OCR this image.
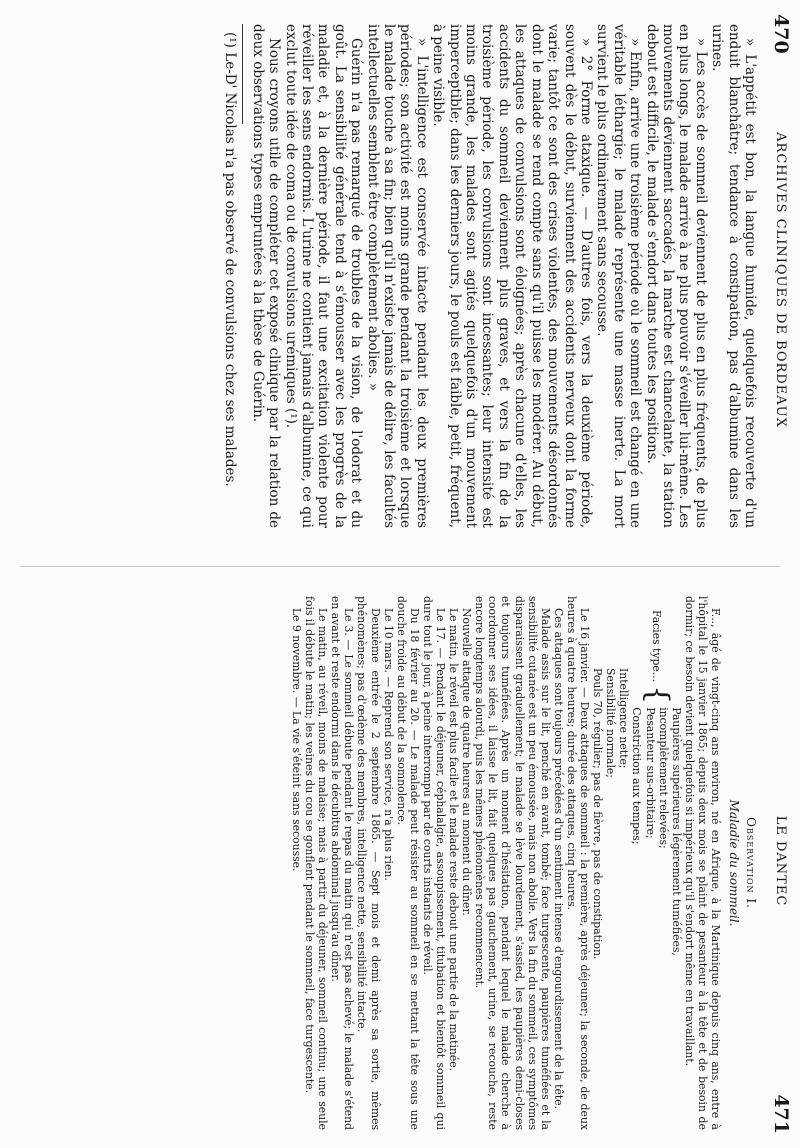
470
ARCHIVES CLINIQUES DE BORDEAUX

» L'appétit est bon, la langue humide, quelquefois recouverte d'un enduit blanchâtre; tendance à constipation, pas d'albumine dans les urines.

» Les accès de sommeil deviennent de plus en plus fréquents, de plus en plus longs, le malade arrive à ne plus pouvoir s'éveiller lui-même. Les mouvements deviennent saccadés, la marche est chancelante, la station debout est difficile, le malade s'endort dans toutes les positions.

» Enfin, arrive une troisième période où le sommeil est changé en une véritable léthargie; le malade représente une masse inerte. La mort survient le plus ordinairement sans secousse.

» 2° Forme ataxique. — D'autres fois, vers la deuxième période, souvent dès le début, surviennent des accidents nerveux dont la forme varie; tantôt ce sont des crises violentes, des mouvements désordonnés dont le malade se rend compte sans qu'il puisse les modérer. Au début, les attaques de convulsions sont éloignées; après chacune d'elles, les accidents du sommeil deviennent plus graves, et vers la fin de la troisième période, les convulsions sont incessantes; leur intensité est moins grande, les malades sont agités quelquefois d'un mouvement imperceptible; dans les derniers jours, le pouls est faible, petit, fréquent, à peine visible.

» L'intelligence est conservée intacte pendant les deux premières périodes; son activité est moins grande pendant la troisième et lorsque le malade touche à sa fin; bien qu'il n'existe jamais de délire, les facultés intellectuelles semblent être complètement abolies. »

Guérin n'a pas remarqué de troubles de la vision, de l'odorat et du goût. La sensibilité générale tend à s'émousser avec les progrès de la maladie et, à la dernière période, il faut une excitation violente pour réveiller les sens endormis. L'urine ne contient jamais d'albumine, ce qui exclut toute idée de coma ou de convulsions urémiques (¹).

Nous croyons utile de compléter cet exposé clinique par la relation de deux observations types empruntées à la thèse de Guérin.

(¹) Le-D' Nicolas n'a pas observé de convulsions chez ses malades.

LE DANTEC
471
Observation I.
Maladie du sommeil.

F..., âgé de vingt-cinq ans environ, né en Afrique, à la Martinique depuis cinq ans, entre à l'hôpital le 15 janvier 1865; depuis deux mois se plaint de pesanteur à la tête et de besoin de dormir; ce besoin devient quelquefois si impérieux qu'il s'endort même en travaillant.

Facies type...
{
Paupières supérieures légèrement tuméfiées,
incomplètement relevées;
Pesanteur sus-orbitaire;
Constriction aux tempes;
Intelligence nette;
Sensibilité normale;
Pouls 70, régulier; pas de fièvre, pas de constipation.

Le 16 janvier. — Deux attaques de sommeil : la première, après déjeuner; la seconde, de deux heures à quatre heures; durée des attaques, cinq heures.

Ces attaques sont toujours précédées d'un sentiment intense d'engourdissement de la tête.

Malade assis sur le lit, penché en avant, tombé; face turgescente, paupières tuméfiées et la sensibilité cutanée est un peu émoussée, mais non abolie. Vers la fin du sommeil, ces symptômes disparaissent graduellement; le malade se lève lourdement, s'assied, les paupières demi-closes et toujours tuméfiées. Après un moment d'hésitation, pendant lequel le malade cherche à coordonner ses idées, il laisse le lit, fait quelques pas gauchement, urine, se recouche, reste encore longtemps alourdi, puis les mêmes phénomènes recommencent.

Nouvelle attaque de quatre heures au moment du dîner.

Le matin, le réveil est plus facile et le malade reste debout une partie de la matinée.

Le 17. — Pendant le déjeuner, céphalalgie, assoupissement, titubation et bientôt sommeil qui dure tout le jour, à peine interrompu par de courts instants de réveil.

Du 18 février au 20. — Le malade peut résister au sommeil en se mettant la tête sous une douche froide au début de la somnolence.

Le 10 mars. — Reprend son service, n'a plus rien.

Deuxième entrée le 2 septembre 1865. — Sept mois et demi après sa sortie, mêmes phénomènes; pas d'œdème des membres, intelligence nette, sensibilité intacte.

Le 3. — Le sommeil débute pendant le repas du matin qui n'est pas achevé; le malade s'étend en avant et reste endormi dans le décubitus abdominal jusqu'au dîner.

Le matin, au réveil, moins de malaise; mais à partir du déjeuner, sommeil continu; une seule fois il débute le matin; les veines du cou se gonflent pendant le sommeil, face turgescente.

Le 9 novembre. — La vie s'éteint sans secousse.
